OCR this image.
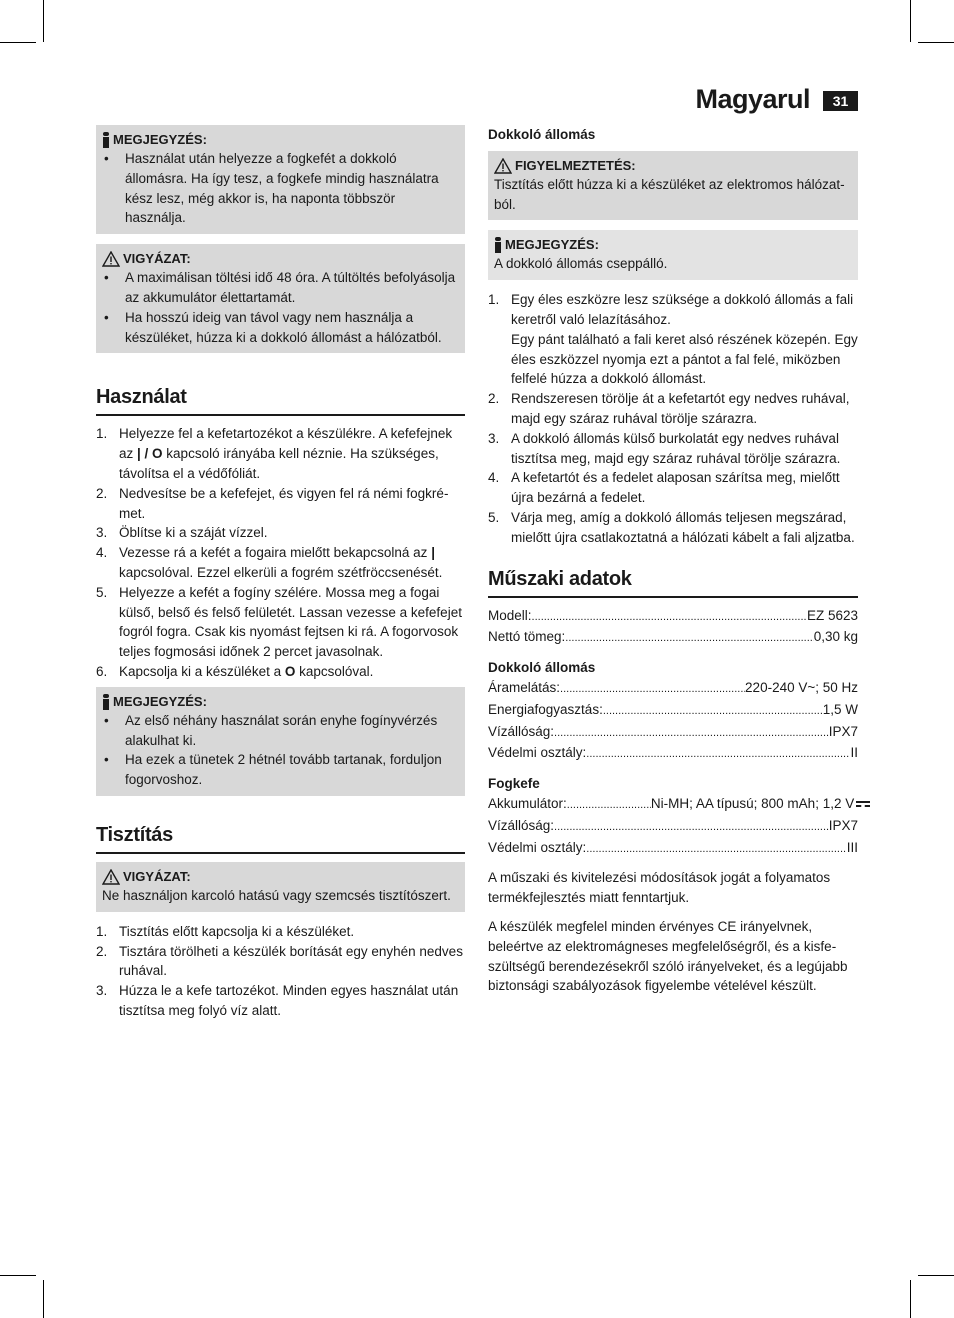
Magyarul	31
MEGJEGYZÉS:
• Használat után helyezze a fogkefét a dokkoló állomásra. Ha így tesz, a fogkefe mindig használatra kész lesz, még akkor is, ha naponta többször használja.
VIGYÁZAT:
• A maximálisan töltési idő 48 óra. A túltöltés befolyásolja az akkumulátor élettartamát.
• Ha hosszú ideig van távol vagy nem használja a készüléket, húzza ki a dokkoló állomást a hálózatból.
Használat
1. Helyezze fel a kefetartozékot a készülékre. A kefefejnek az | / O kapcsoló irányába kell néznie. Ha szükséges, távolítsa el a védőfóliát.
2. Nedvesítse be a kefefejet, és vigyen fel rá némi fogkrémet.
3. Öblítse ki a száját vízzel.
4. Vezesse rá a kefét a fogaira mielőtt bekapcsolná az | kapcsolóval. Ezzel elkerüli a fogrém szétfröccsenését.
5. Helyezze a kefét a fogíny szélére. Mossa meg a fogai külső, belső és felső felületét. Lassan vezesse a kefefejet fogról fogra. Csak kis nyomást fejtsen ki rá. A fogorvosok teljes fogmosási időnek 2 percet javasolnak.
6. Kapcsolja ki a készüléket a O kapcsolóval.
MEGJEGYZÉS:
• Az első néhány használat során enyhe fogínyvérzés alakulhat ki.
• Ha ezek a tünetek 2 hétnél tovább tartanak, forduljon fogorvoshoz.
Tisztítás
VIGYÁZAT:
Ne használjon karcoló hatású vagy szemcsés tisztítószert.
1. Tisztítás előtt kapcsolja ki a készüléket.
2. Tisztára törölheti a készülék borítását egy enyhén nedves ruhával.
3. Húzza le a kefe tartozékot. Minden egyes használat után tisztítsa meg folyó víz alatt.
Dokkoló állomás
FIGYELMEZTETÉS:
Tisztítás előtt húzza ki a készüléket az elektromos hálózatból.
MEGJEGYZÉS:
A dokkoló állomás cseppálló.
1. Egy éles eszközre lesz szüksége a dokkoló állomás a fali keretről való lelazításához.
Egy pánt található a fali keret alsó részének közepén. Egy éles eszközzel nyomja ezt a pántot a fal felé, miközben felfelé húzza a dokkoló állomást.
2. Rendszeresen törölje át a kefetartót egy nedves ruhával, majd egy száraz ruhával törölje szárazra.
3. A dokkoló állomás külső burkolatát egy nedves ruhával tisztítsa meg, majd egy száraz ruhával törölje szárazra.
4. A kefetartót és a fedelet alaposan szárítsa meg, mielőtt újra bezárná a fedelet.
5. Várja meg, amíg a dokkoló állomás teljesen megszárad, mielőtt újra csatlakoztatná a hálózati kábelt a fali aljzatba.
Műszaki adatok
Modell: .....	EZ 5623
Nettó tömeg: .....	0,30 kg
Dokkoló állomás
Áramelátás: .....	220-240 V~; 50 Hz
Energiafogyasztás: .....	1,5 W
Vízállóság: .....	IPX7
Védelmi osztály: .....	II
Fogkefe
Akkumulátor: .....	Ni-MH; AA típusú; 800 mAh; 1,2 V
Vízállóság: .....	IPX7
Védelmi osztály: .....	III

A műszaki és kivitelezési módosítások jogát a folyamatos termékfejlesztés miatt fenntartjuk.

A készülék megfelel minden érvényes CE irányelvnek, beleértve az elektromágneses megfelelőségről, és a kisfeszültségű berendezésekről szóló irányelveket, és a legújabb biztonsági szabályozások figyelembe vételével készült.
